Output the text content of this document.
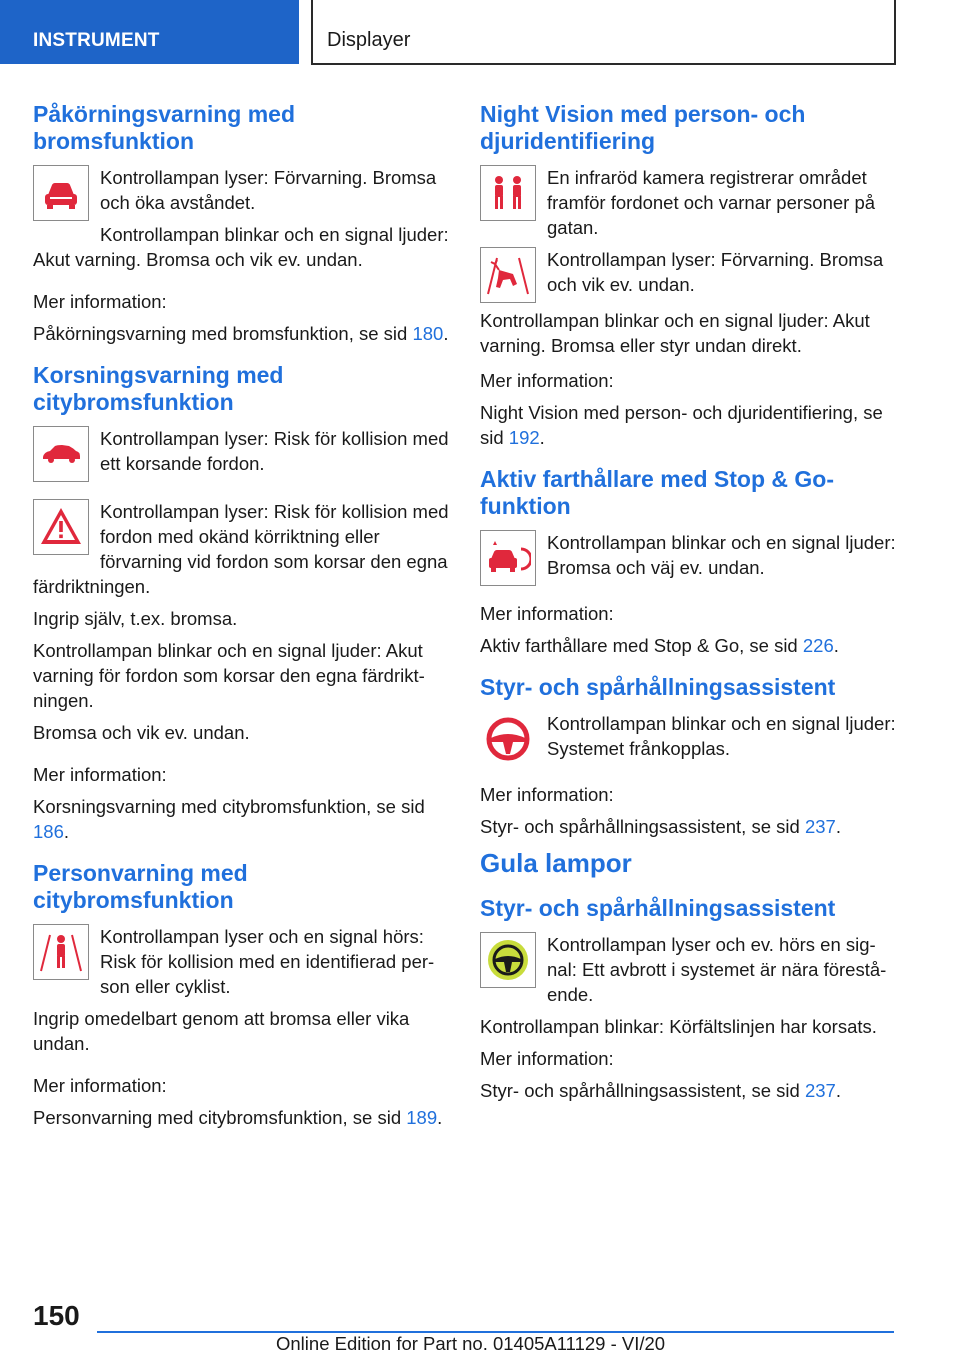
INSTRUMENT	Displayer
Påkörningsvarning med bromsfunktion

Kontrollampan lyser: Förvarning. Bromsa och öka avståndet.

Kontrollampan blinkar och en signal ljuder: Akut varning. Bromsa och vik ev. undan.

Mer information:

Påkörningsvarning med bromsfunktion, se sid 180.

Korsningsvarning med citybromsfunktion

Kontrollampan lyser: Risk för kollision med ett korsande fordon.

Kontrollampan lyser: Risk för kollision med fordon med okänd körriktning eller förvarning vid fordon som korsar den egna färdriktningen.

Ingrip själv, t.ex. bromsa.

Kontrollampan blinkar och en signal ljuder: Akut varning för fordon som korsar den egna färdrikt-ningen.

Bromsa och vik ev. undan.

Mer information:

Korsningsvarning med citybromsfunktion, se sid 186.

Personvarning med citybromsfunktion

Kontrollampan lyser och en signal hörs: Risk för kollision med en identifierad per-son eller cyklist.

Ingrip omedelbart genom att bromsa eller vika undan.

Mer information:

Personvarning med citybromsfunktion, se sid 189.

Night Vision med person- och djuridentifiering

En infraröd kamera registrerar området framför fordonet och varnar personer på gatan.

Kontrollampan lyser: Förvarning. Bromsa och vik ev. undan.

Kontrollampan blinkar och en signal ljuder: Akut varning. Bromsa eller styr undan direkt.

Mer information:

Night Vision med person- och djuridentifiering, se sid 192.

Aktiv farthållare med Stop & Go-funktion

Kontrollampan blinkar och en signal ljuder: Bromsa och väj ev. undan.

Mer information:

Aktiv farthållare med Stop & Go, se sid 226.

Styr- och spårhållningsassistent

Kontrollampan blinkar och en signal ljuder: Systemet frånkopplas.

Mer information:

Styr- och spårhållningsassistent, se sid 237.

Gula lampor
Styr- och spårhållningsassistent

Kontrollampan lyser och ev. hörs en sig-nal: Ett avbrott i systemet är nära förestå-ende.

Kontrollampan blinkar: Körfältslinjen har korsats.

Mer information:

Styr- och spårhållningsassistent, se sid 237.

150
Online Edition for Part no. 01405A11129 - VI/20
